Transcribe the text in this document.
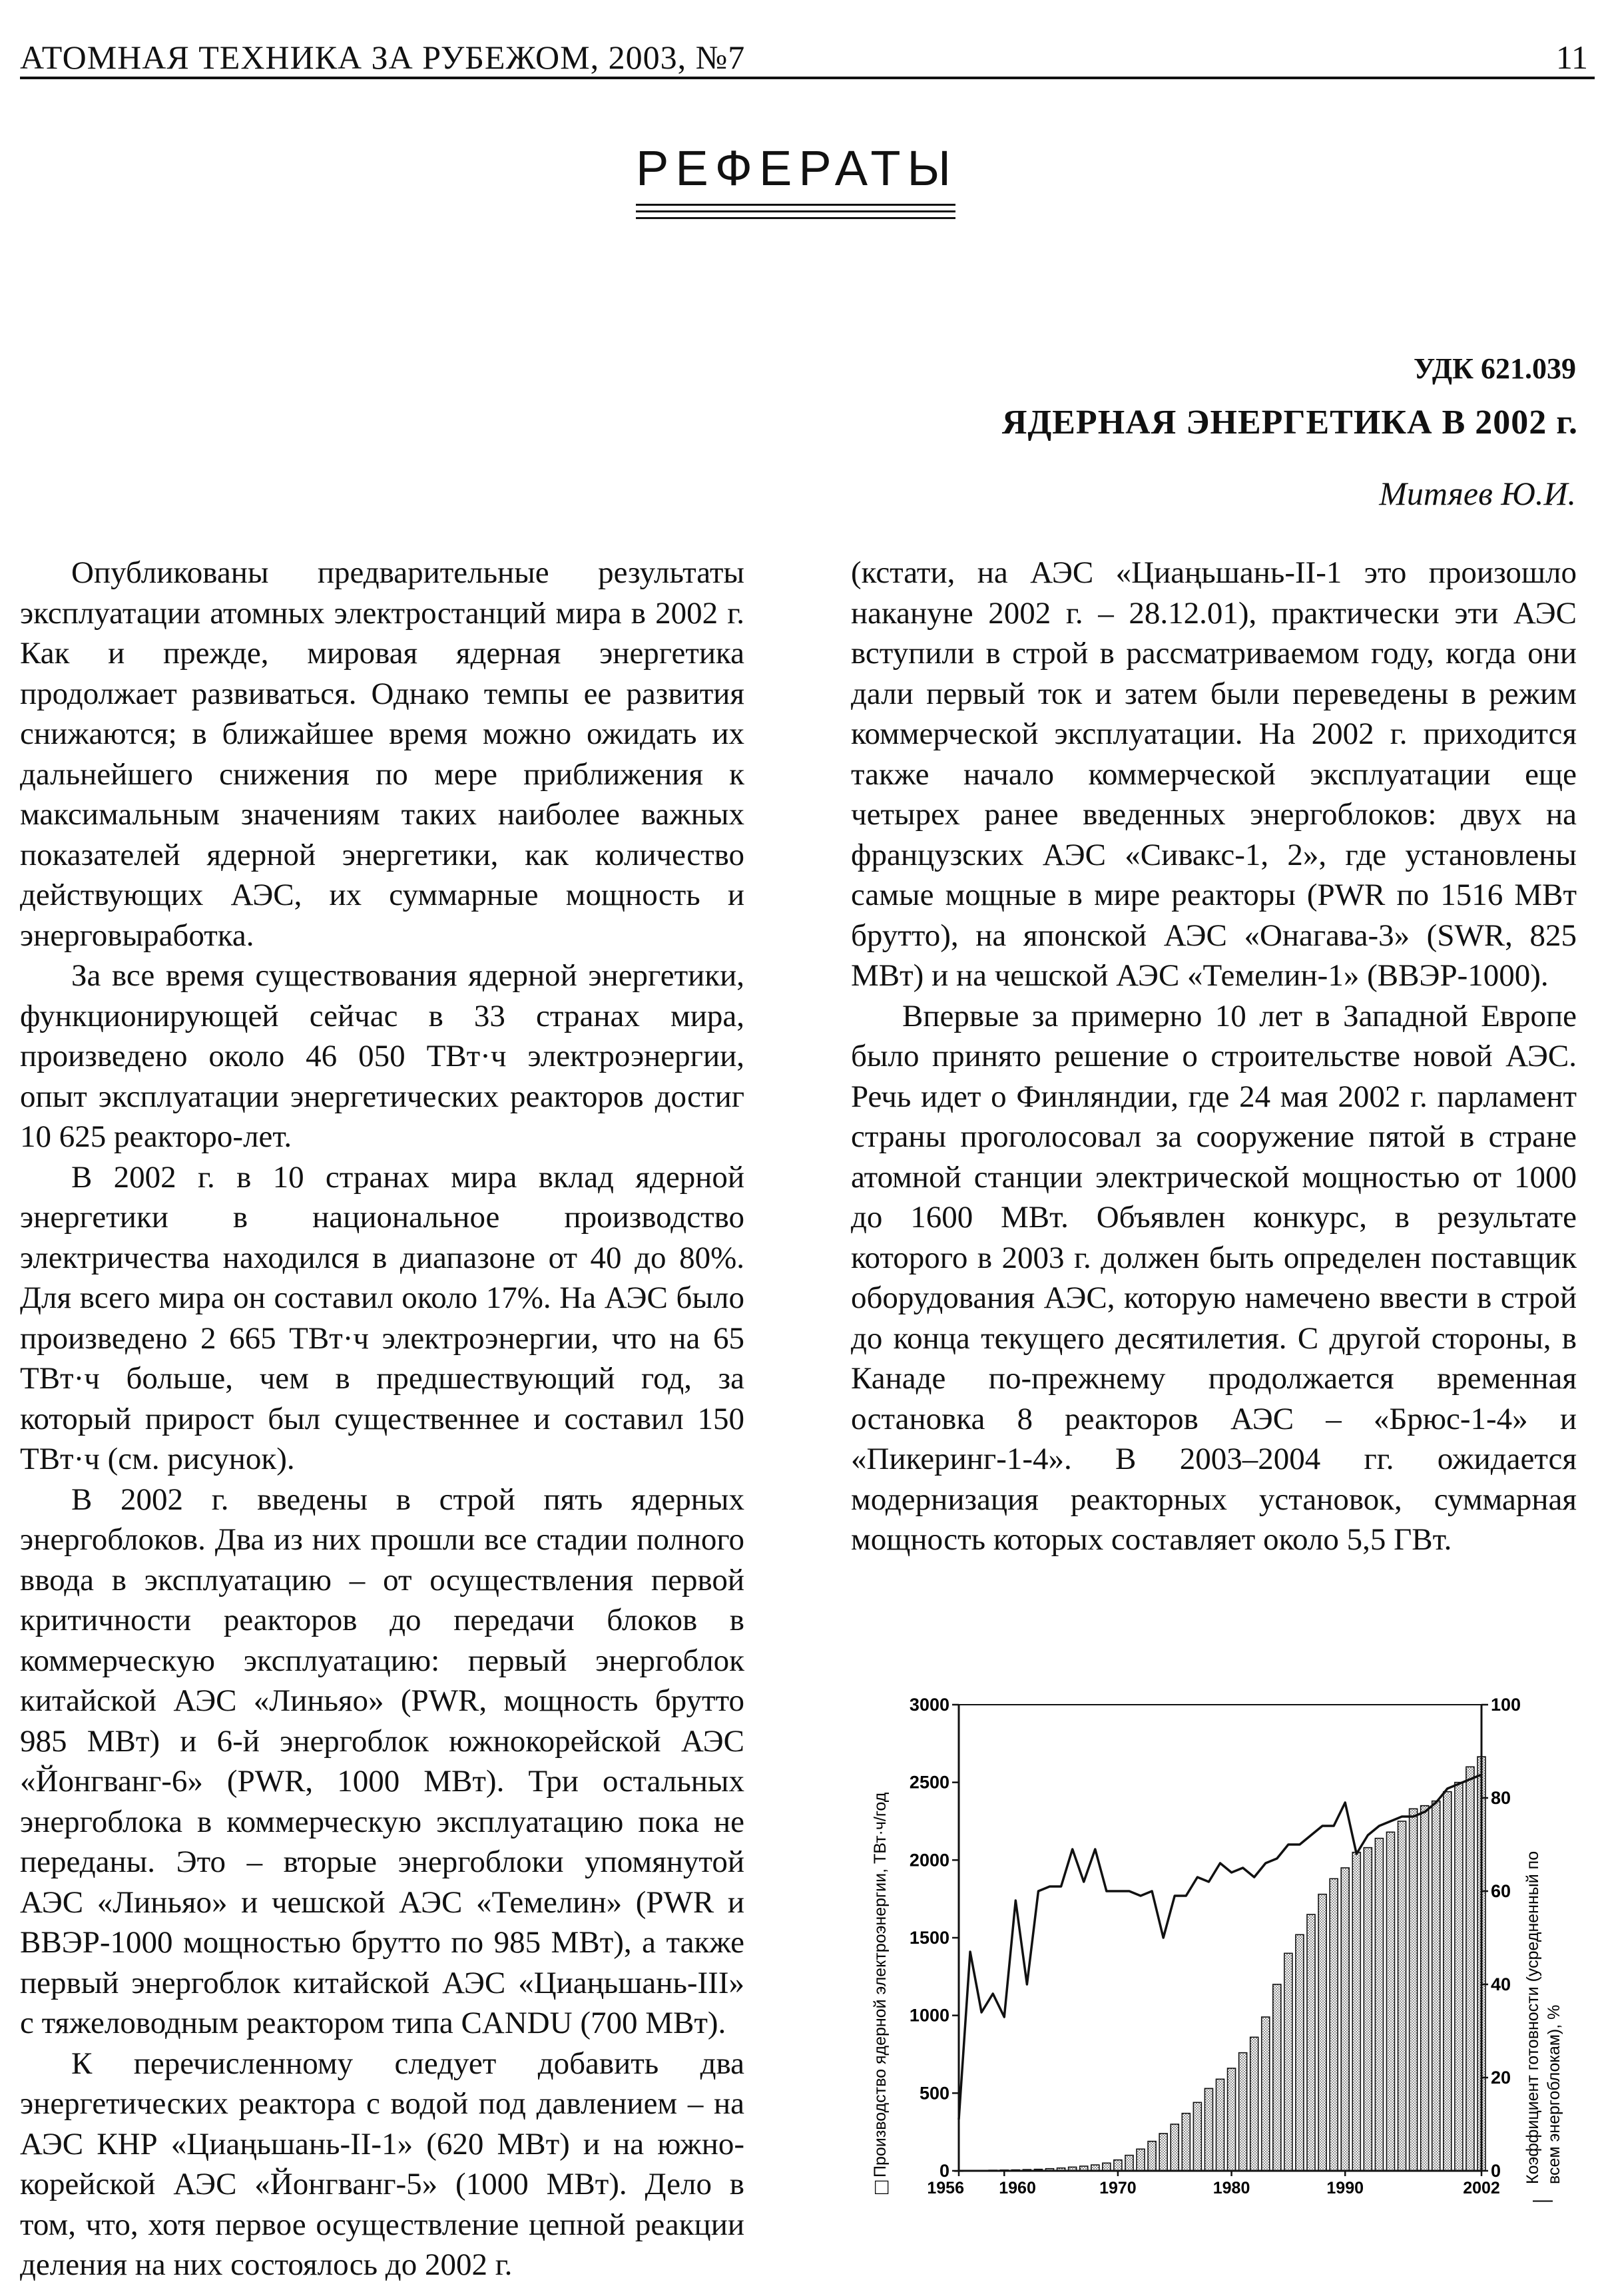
АТОМНАЯ ТЕХНИКА ЗА РУБЕЖОМ, 2003, №7	11
РЕФЕРАТЫ
УДК 621.039
ЯДЕРНАЯ ЭНЕРГЕТИКА В 2002 г.
Митяев Ю.И.

Опубликованы предварительные результаты эксплуатации атомных электростанций мира в 2002 г. Как и прежде, мировая ядерная энергетика продолжает развиваться. Однако темпы ее развития снижаются; в ближайшее время можно ожидать их дальнейшего снижения по мере приближения к максимальным значениям таких наиболее важных показателей ядерной энергетики, как количество действующих АЭС, их суммарные мощность и энерговыработка.

За все время существования ядерной энергетики, функционирующей сейчас в 33 странах мира, произведено около 46 050 ТВт·ч электроэнергии, опыт эксплуатации энергетических реакторов достиг 10 625 реакторо-лет.

В 2002 г. в 10 странах мира вклад ядерной энергетики в национальное производство электричества находился в диапазоне от 40 до 80%. Для всего мира он составил около 17%. На АЭС было произведено 2 665 ТВт·ч электроэнергии, что на 65 ТВт·ч больше, чем в предшествующий год, за который прирост был существеннее и составил 150 ТВт·ч (см. рисунок).

В 2002 г. введены в строй пять ядерных энергоблоков. Два из них прошли все стадии полного ввода в эксплуатацию – от осуществления первой критичности реакторов до передачи блоков в коммерческую эксплуатацию: первый энергоблок китайской АЭС «Линьяо» (PWR, мощность брутто 985 МВт) и 6-й энергоблок южнокорейской АЭС «Йонгванг-6» (PWR, 1000 МВт). Три остальных энергоблока в коммерческую эксплуатацию пока не переданы. Это – вторые энергоблоки упомянутой АЭС «Линьяо» и чешской АЭС «Темелин» (PWR и ВВЭР-1000 мощностью брутто по 985 МВт), а также первый энергоблок китайской АЭС «Циаңьшань-III» с тяжеловодным реактором типа CANDU (700 МВт).

К перечисленному следует добавить два энергетических реактора с водой под давлением – на АЭС КНР «Циаңьшань-II-1» (620 МВт) и на южно-корейской АЭС «Йонгванг-5» (1000 МВт). Дело в том, что, хотя первое осуществление цепной реакции деления на них состоялось до 2002 г.

(кстати, на АЭС «Циаңьшань-II-1 это произошло накануне 2002 г. – 28.12.01), практически эти АЭС вступили в строй в рассматриваемом году, когда они дали первый ток и затем были переведены в режим коммерческой эксплуатации. На 2002 г. приходится также начало коммерческой эксплуатации еще четырех ранее введенных энергоблоков: двух на французских АЭС «Сивакс-1, 2», где установлены самые мощные в мире реакторы (PWR по 1516 МВт брутто), на японской АЭС «Онагава-3» (SWR, 825 МВт) и на чешской АЭС «Темелин-1» (ВВЭР-1000).

Впервые за примерно 10 лет в Западной Европе было принято решение о строительстве новой АЭС. Речь идет о Финляндии, где 24 мая 2002 г. парламент страны проголосовал за сооружение пятой в стране атомной станции электрической мощностью от 1000 до 1600 МВт. Объявлен конкурс, в результате которого в 2003 г. должен быть определен поставщик оборудования АЭС, которую намечено ввести в строй до конца текущего десятилетия. С другой стороны, в Канаде по-прежнему продолжается временная остановка 8 реакторов АЭС – «Брюс-1-4» и «Пикеринг-1-4». В 2003–2004 гг. ожидается модернизация реакторных установок, суммарная мощность которых составляет около 5,5 ГВт.

0
500
1000
1500
2000
2500
3000
0
20
40
60
80
100
1956 1960	1970	1980	1990	2002
Производство ядерной электроэнергии, ТВт·ч/год
□
Коэффициент готовности (усредненный по всем энергоблокам), %
—
